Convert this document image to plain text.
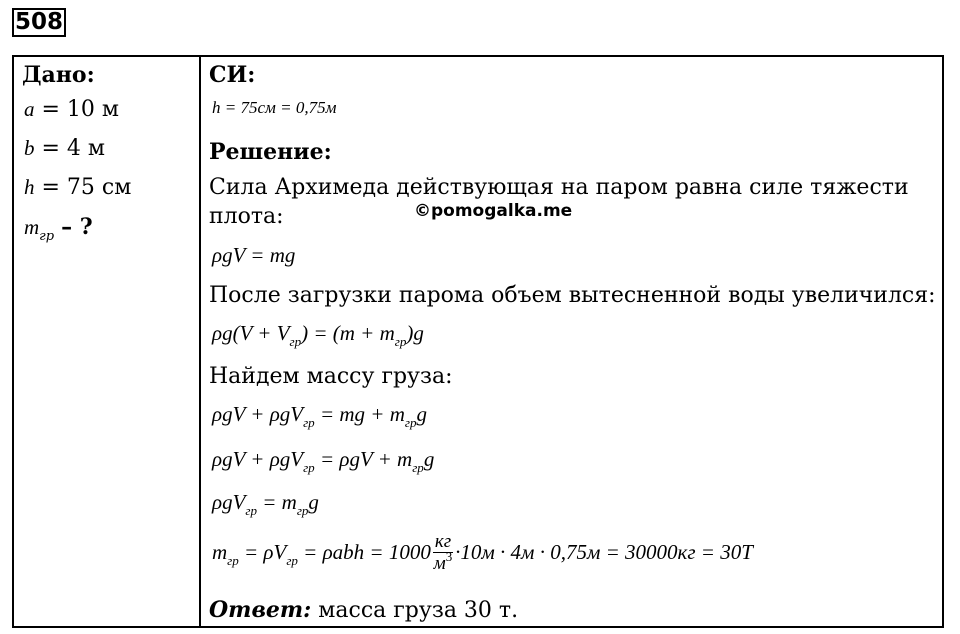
508
Дано:
a = 10 м
b = 4 м
h = 75 см
$m_{гр}$ – ?
СИ:
h = 75см = 0,75м
Решение:
Сила Архимеда действующая на паром равна силе тяжести
плота:	©pomogalka.me
ρgV = mg
После загрузки парома объем вытесненной воды увеличился:
$\rho g(V + V_{гр}) = (m + m_{гр})g$
Найдем массу груза:
ρgV + ρgV$_{гр}$ = mg + $m_{гр}g$
$\rho gV + \rho gV_{гр} = \rho gV + m_{гр}g$
$\rho gV_{гр} = m_{гр}g$
$m_{гр} = \rho V_{гр} = \rho abh = 1000 \frac{кг}{м^3} \cdot 10м \cdot 4м \cdot 0,75м = 30000кг = 30Т$
Ответ: масса груза 30 т.
